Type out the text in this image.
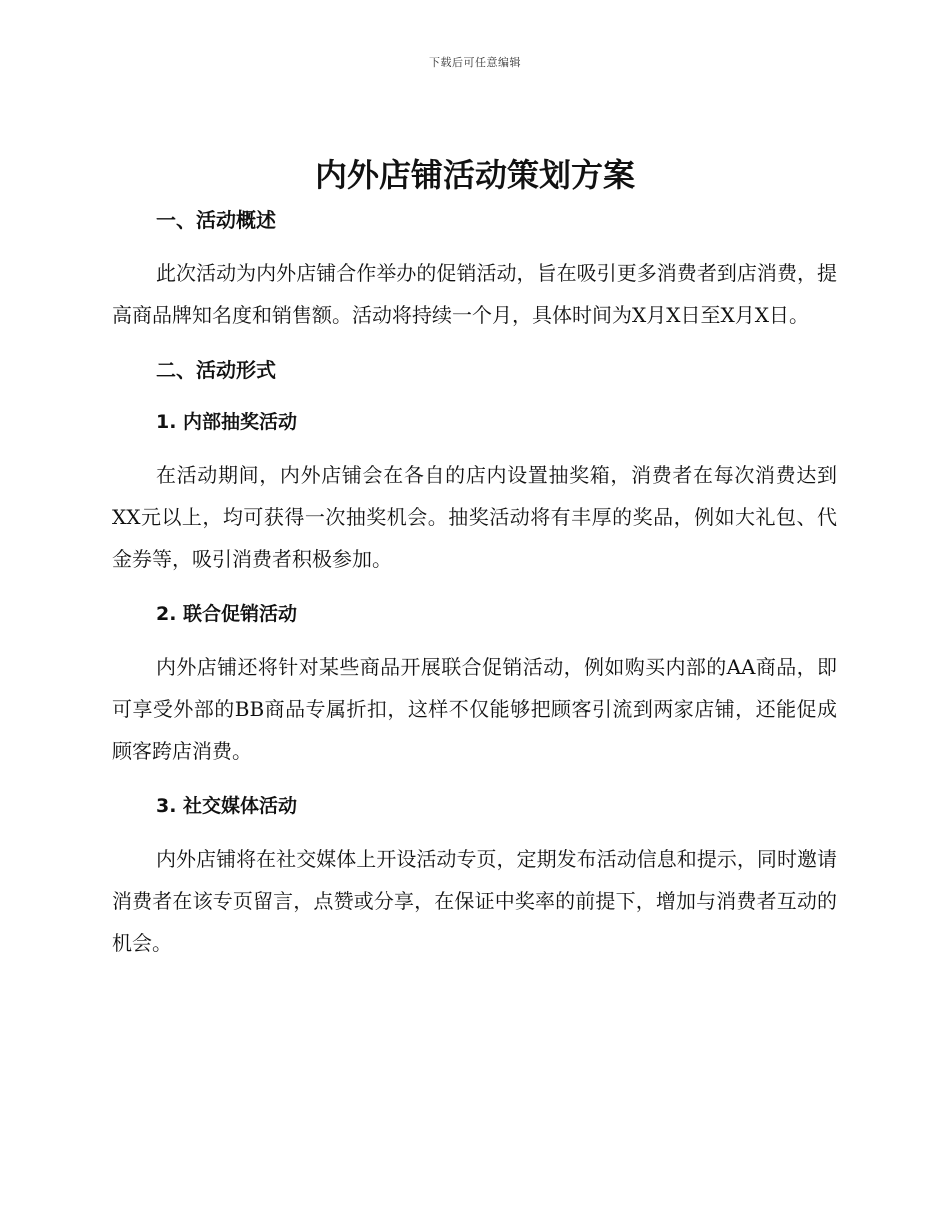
下载后可任意编辑
内外店铺活动策划方案
一、活动概述

此次活动为内外店铺合作举办的促销活动，旨在吸引更多消费者到店消费，提高商品牌知名度和销售额。活动将持续一个月，具体时间为X月X日至X月X日。

二、活动形式
1. 内部抽奖活动

在活动期间，内外店铺会在各自的店内设置抽奖箱，消费者在每次消费达到XX元以上，均可获得一次抽奖机会。抽奖活动将有丰厚的奖品，例如大礼包、代金券等，吸引消费者积极参加。

2. 联合促销活动

内外店铺还将针对某些商品开展联合促销活动，例如购买内部的AA商品，即可享受外部的BB商品专属折扣，这样不仅能够把顾客引流到两家店铺，还能促成顾客跨店消费。

3. 社交媒体活动

内外店铺将在社交媒体上开设活动专页，定期发布活动信息和提示，同时邀请消费者在该专页留言，点赞或分享，在保证中奖率的前提下，增加与消费者互动的机会。
